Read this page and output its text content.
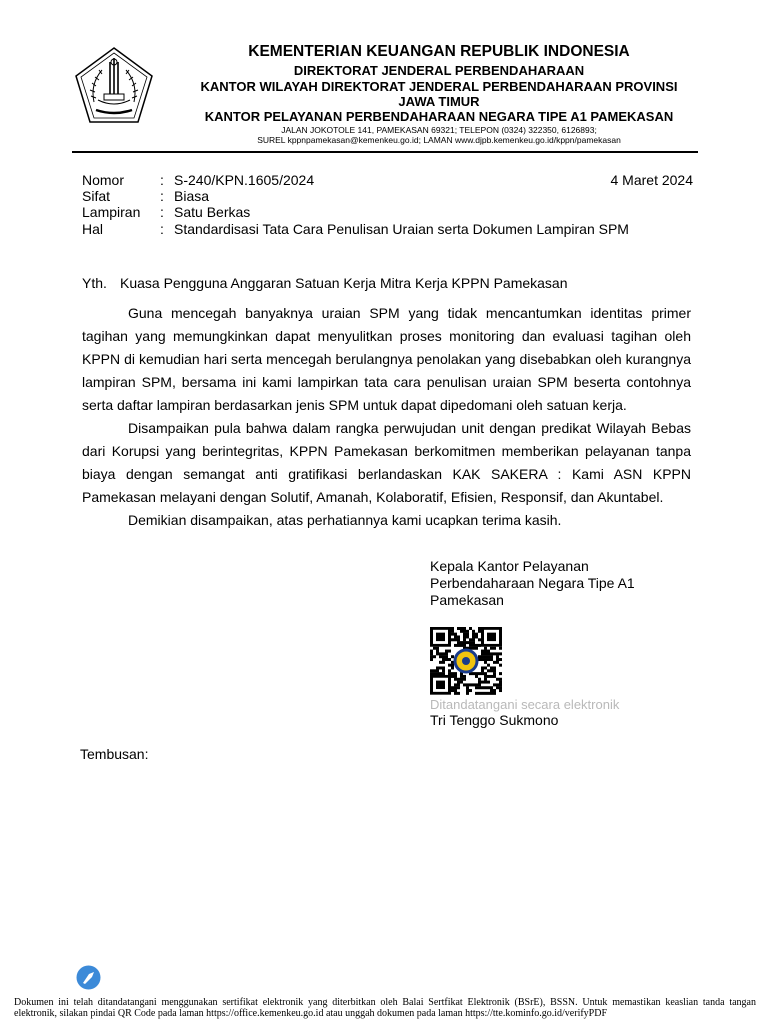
KEMENTERIAN KEUANGAN REPUBLIK INDONESIA
DIREKTORAT JENDERAL PERBENDAHARAAN
KANTOR WILAYAH DIREKTORAT JENDERAL PERBENDAHARAAN PROVINSI
JAWA TIMUR
KANTOR PELAYANAN PERBENDAHARAAN NEGARA TIPE A1 PAMEKASAN
JALAN JOKOTOLE 141, PAMEKASAN 69321; TELEPON (0324) 322350, 6126893;
SUREL kppnpamekasan@kemenkeu.go.id; LAMAN www.djpb.kemenkeu.go.id/kppn/pamekasan
Nomor	: S-240/KPN.1605/2024	4 Maret 2024
Sifat	: Biasa
Lampiran : Satu Berkas
Hal	: Standardisasi Tata Cara Penulisan Uraian serta Dokumen Lampiran SPM
Yth. Kuasa Pengguna Anggaran Satuan Kerja Mitra Kerja KPPN Pamekasan

Guna mencegah banyaknya uraian SPM yang tidak mencantumkan identitas primer tagihan yang memungkinkan dapat menyulitkan proses monitoring dan evaluasi tagihan oleh KPPN di kemudian hari serta mencegah berulangnya penolakan yang disebabkan oleh kurangnya lampiran SPM, bersama ini kami lampirkan tata cara penulisan uraian SPM beserta contohnya serta daftar lampiran berdasarkan jenis SPM untuk dapat dipedomani oleh satuan kerja.

Disampaikan pula bahwa dalam rangka perwujudan unit dengan predikat Wilayah Bebas dari Korupsi yang berintegritas, KPPN Pamekasan berkomitmen memberikan pelayanan tanpa biaya dengan semangat anti gratifikasi berlandaskan KAK SAKERA : Kami ASN KPPN Pamekasan melayani dengan Solutif, Amanah, Kolaboratif, Efisien, Responsif, dan Akuntabel.

Demikian disampaikan, atas perhatiannya kami ucapkan terima kasih.

Kepala Kantor Pelayanan
Perbendaharaan Negara Tipe A1
Pamekasan
Ditandatangani secara elektronik
Tri Tenggo Sukmono
Tembusan:
Dokumen ini telah ditandatangani menggunakan sertifikat elektronik yang diterbitkan oleh Balai Sertfikat Elektronik (BSrE), BSSN. Untuk memastikan keaslian tanda tangan elektronik, silakan pindai QR Code pada laman https://office.kemenkeu.go.id atau unggah dokumen pada laman https://tte.kominfo.go.id/verifyPDF
